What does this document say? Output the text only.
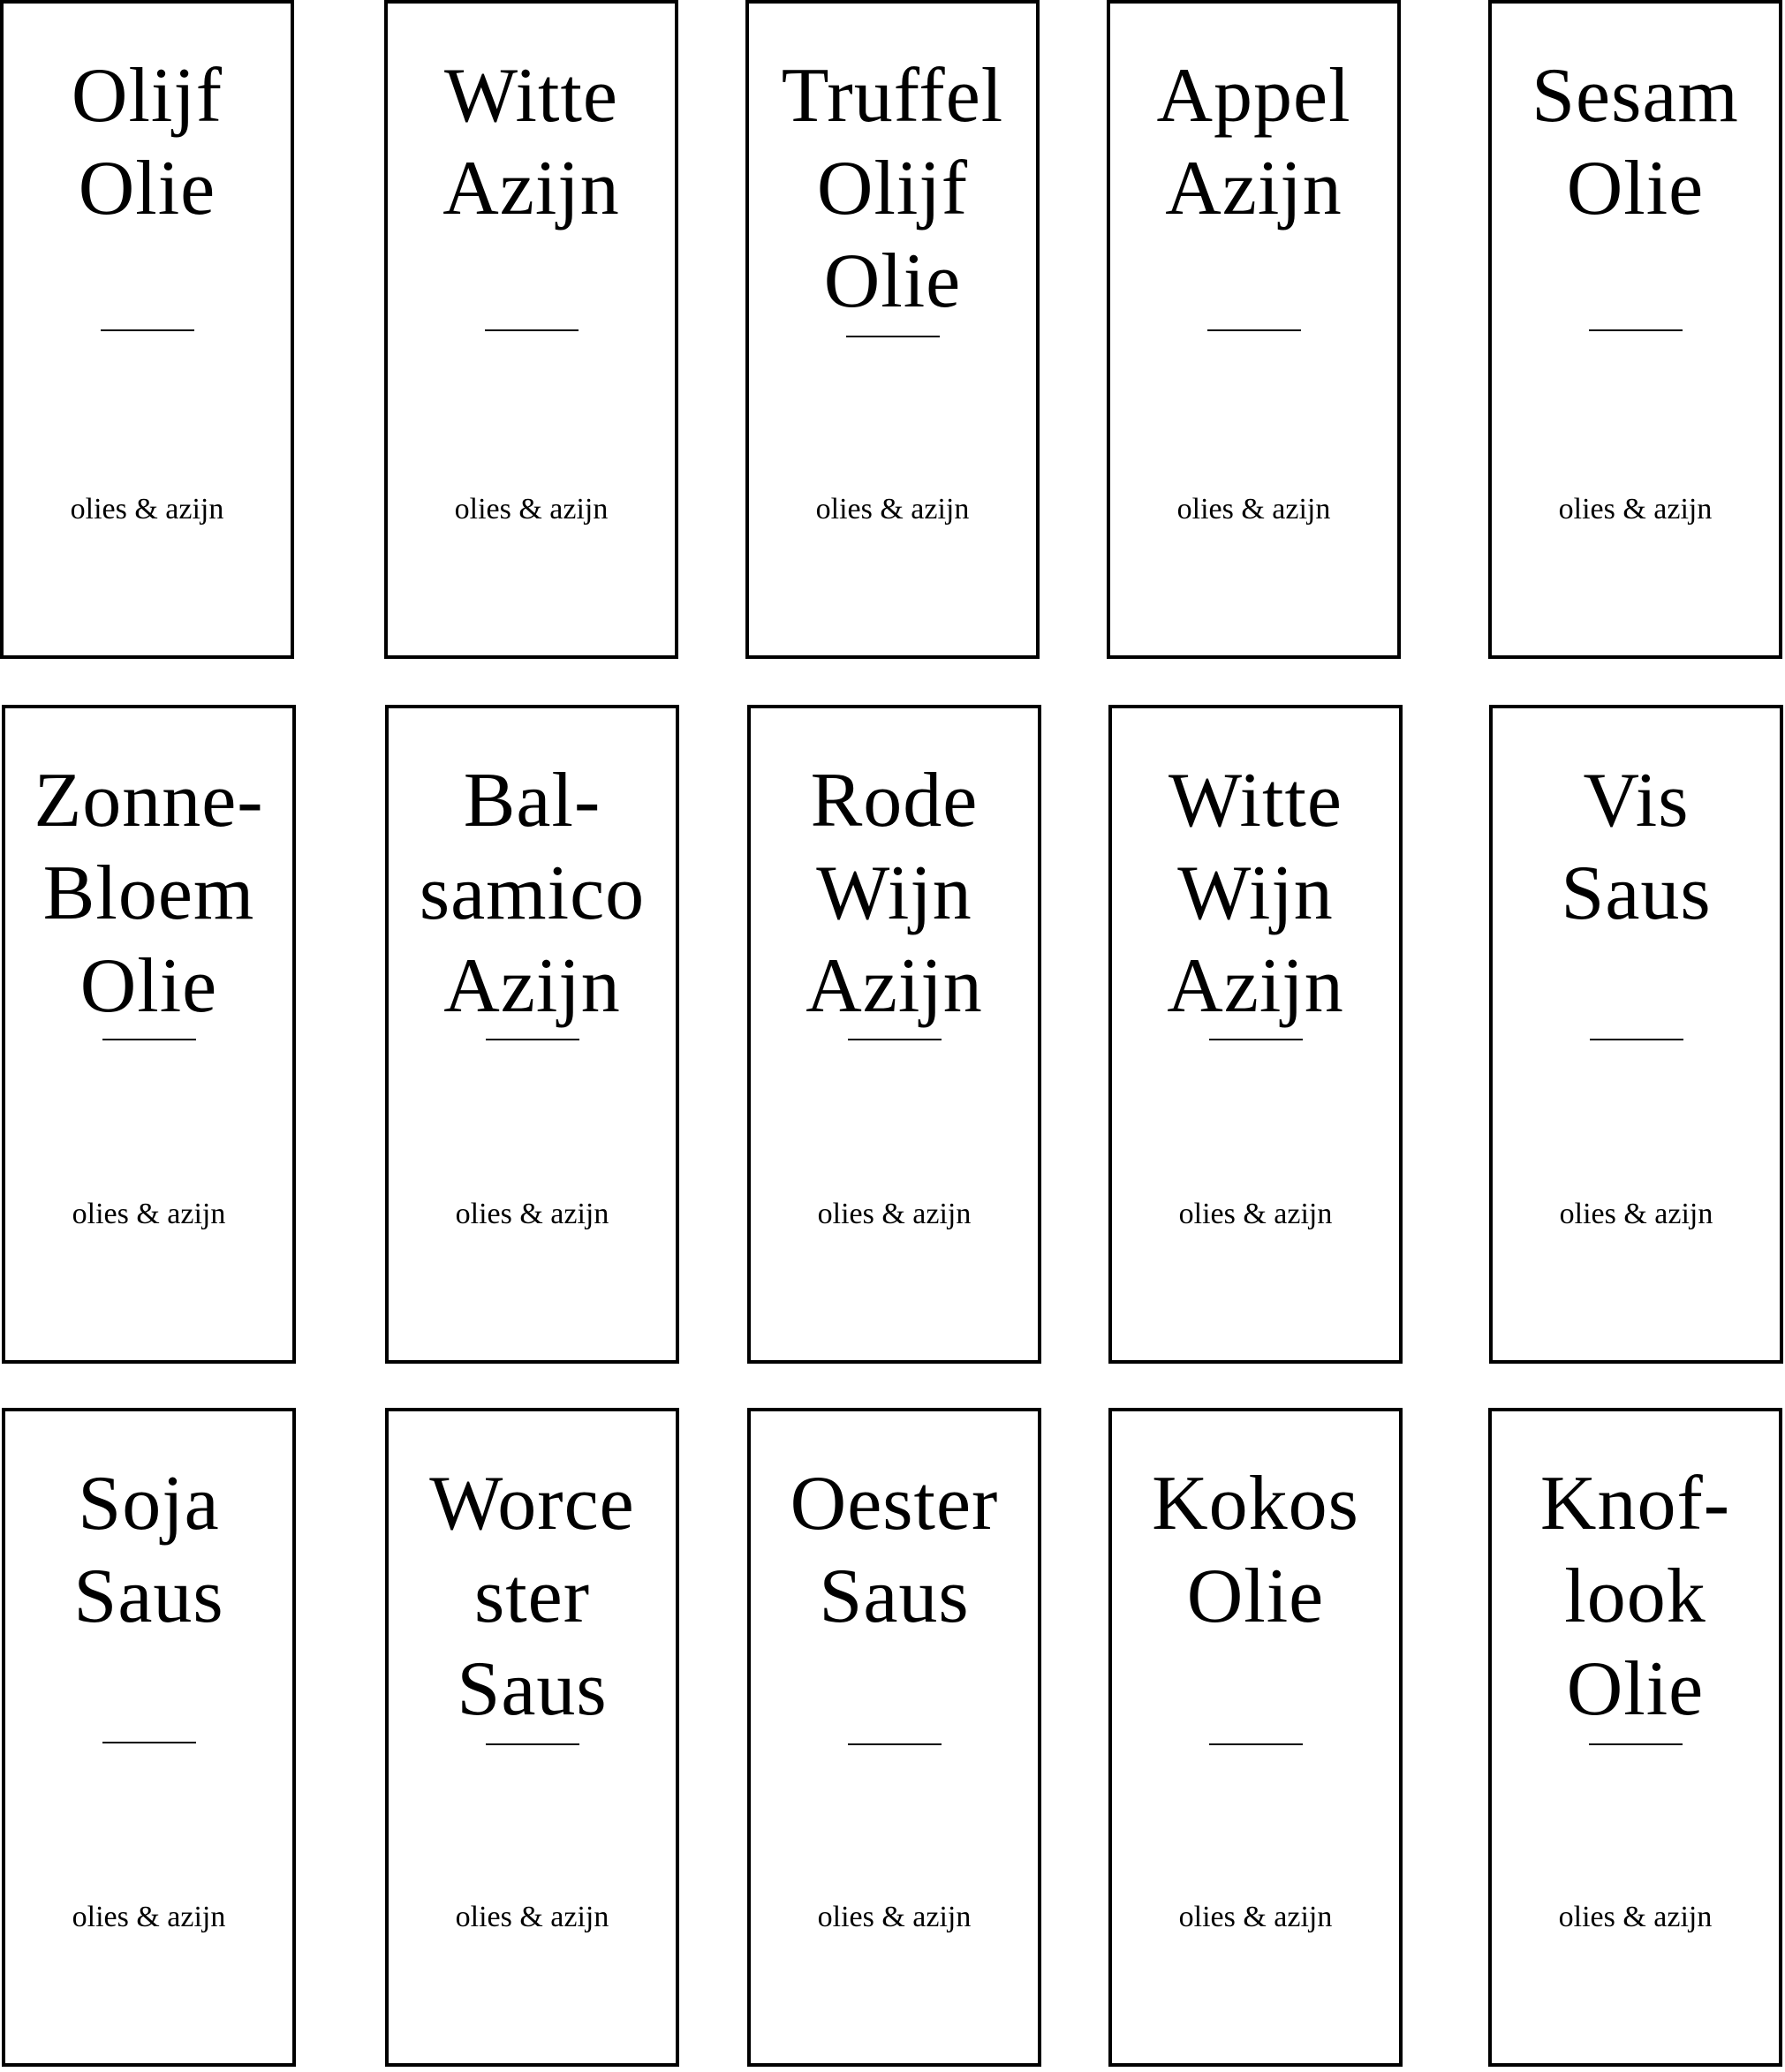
Olijf
Olie
olies & azijn
Witte
Azijn
olies & azijn
Truffel
Olijf
Olie
olies & azijn
Appel
Azijn
olies & azijn
Sesam
Olie
olies & azijn
Zonne-
Bloem
Olie
olies & azijn
Bal-
samico
Azijn
olies & azijn
Rode
Wijn
Azijn
olies & azijn
Witte
Wijn
Azijn
olies & azijn
Vis
Saus
olies & azijn
Soja
Saus
olies & azijn
Worce
ster
Saus
olies & azijn
Oester
Saus
olies & azijn
Kokos
Olie
olies & azijn
Knof-
look
Olie
olies & azijn
